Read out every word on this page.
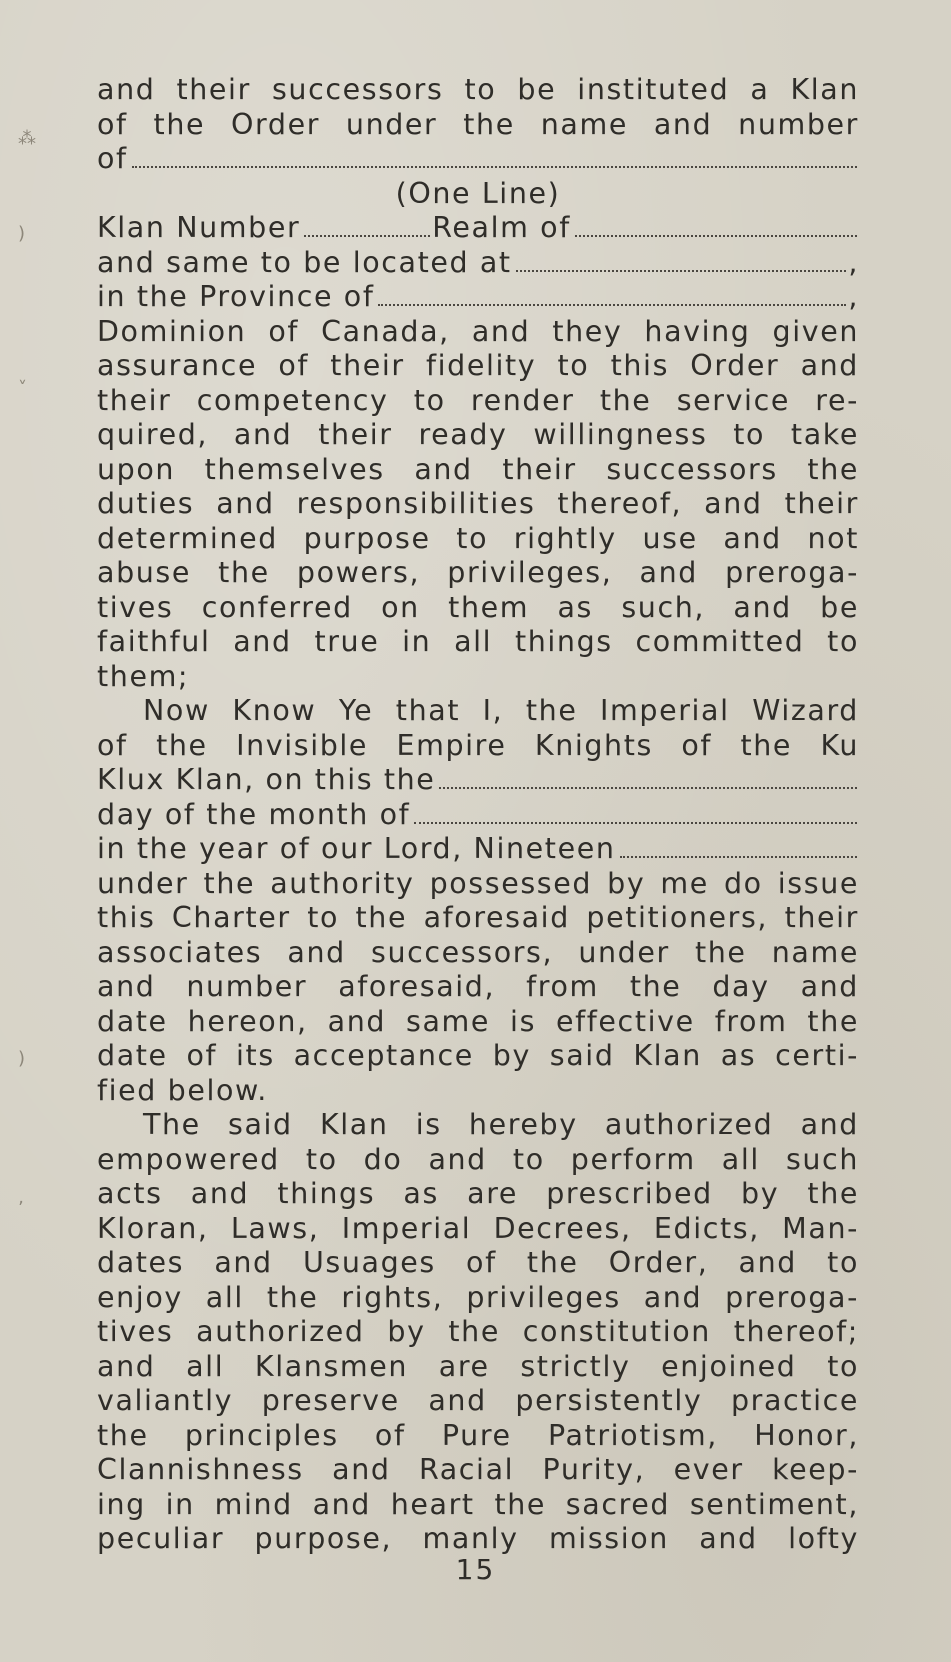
⁂
)
˅
)
ʼ
and their successors to be instituted a Klan
of the Order under the name and number
of
(One Line)
Klan Number	Realm of
and same to be located at	,
in the Province of	,
Dominion of Canada, and they having given
assurance of their fidelity to this Order and
their competency to render the service re-
quired, and their ready willingness to take
upon themselves and their successors the
duties and responsibilities thereof, and their
determined purpose to rightly use and not
abuse the powers, privileges, and preroga-
tives conferred on them as such, and be
faithful and true in all things committed to
them;
Now Know Ye that I, the Imperial Wizard
of the Invisible Empire Knights of the Ku
Klux Klan, on this the
day of the month of
in the year of our Lord, Nineteen
under the authority possessed by me do issue
this Charter to the aforesaid petitioners, their
associates and successors, under the name
and number aforesaid, from the day and
date hereon, and same is effective from the
date of its acceptance by said Klan as certi-
fied below.
The said Klan is hereby authorized and
empowered to do and to perform all such
acts and things as are prescribed by the
Kloran, Laws, Imperial Decrees, Edicts, Man-
dates and Usuages of the Order, and to
enjoy all the rights, privileges and preroga-
tives authorized by the constitution thereof;
and all Klansmen are strictly enjoined to
valiantly preserve and persistently practice
the principles of Pure Patriotism, Honor,
Clannishness and Racial Purity, ever keep-
ing in mind and heart the sacred sentiment,
peculiar purpose, manly mission and lofty
15
